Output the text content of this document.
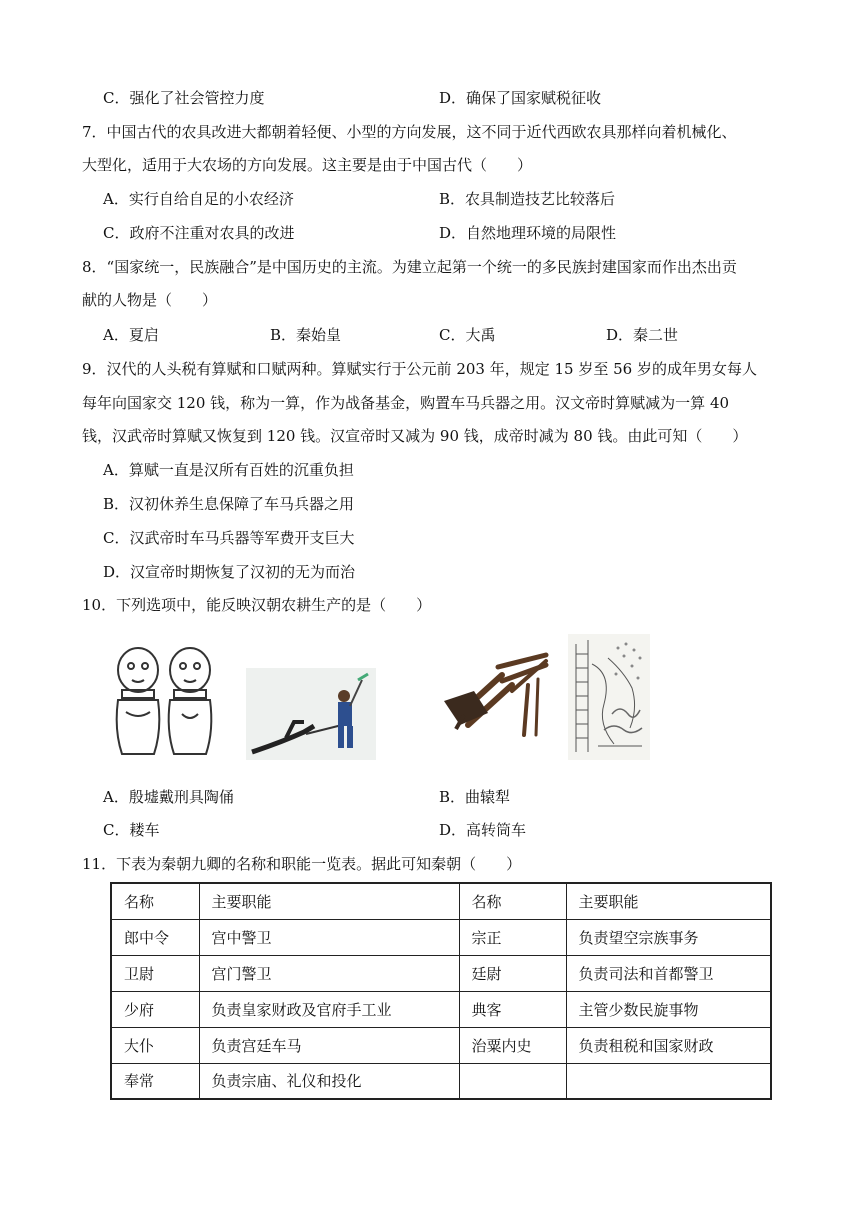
C．强化了社会管控力度	D．确保了国家赋税征收
7．中国古代的农具改进大都朝着轻便、小型的方向发展，这不同于近代西欧农具那样向着机械化、
大型化，适用于大农场的方向发展。这主要是由于中国古代（　　）
A．实行自给自足的小农经济	B．农具制造技艺比较落后
C．政府不注重对农具的改进	D．自然地理环境的局限性
8．“国家统一，民族融合”是中国历史的主流。为建立起第一个统一的多民族封建国家而作出杰出贡
献的人物是（　　）
A．夏启	B．秦始皇	C．大禹	D．秦二世
9．汉代的人头税有算赋和口赋两种。算赋实行于公元前 203 年，规定 15 岁至 56 岁的成年男女每人
每年向国家交 120 钱，称为一算，作为战备基金，购置车马兵器之用。汉文帝时算赋减为一算 40
钱，汉武帝时算赋又恢复到 120 钱。汉宣帝时又减为 90 钱，成帝时减为 80 钱。由此可知（　　）
A．算赋一直是汉所有百姓的沉重负担
B．汉初休养生息保障了车马兵器之用
C．汉武帝时车马兵器等军费开支巨大
D．汉宣帝时期恢复了汉初的无为而治
10．下列选项中，能反映汉朝农耕生产的是（　　）
A．殷墟戴刑具陶俑	B．曲辕犁
C．耧车	D．高转筒车
11．下表为秦朝九卿的名称和职能一览表。据此可知秦朝（　　）
名称	主要职能	名称	主要职能
郎中令	宫中警卫	宗正	负责望空宗族事务
卫尉	宫门警卫	廷尉	负责司法和首都警卫
少府	负责皇家财政及官府手工业	典客	主管少数民旋事物
大仆	负责宫廷车马	治粟内史	负责租税和国家财政
奉常	负责宗庙、礼仪和投化		
